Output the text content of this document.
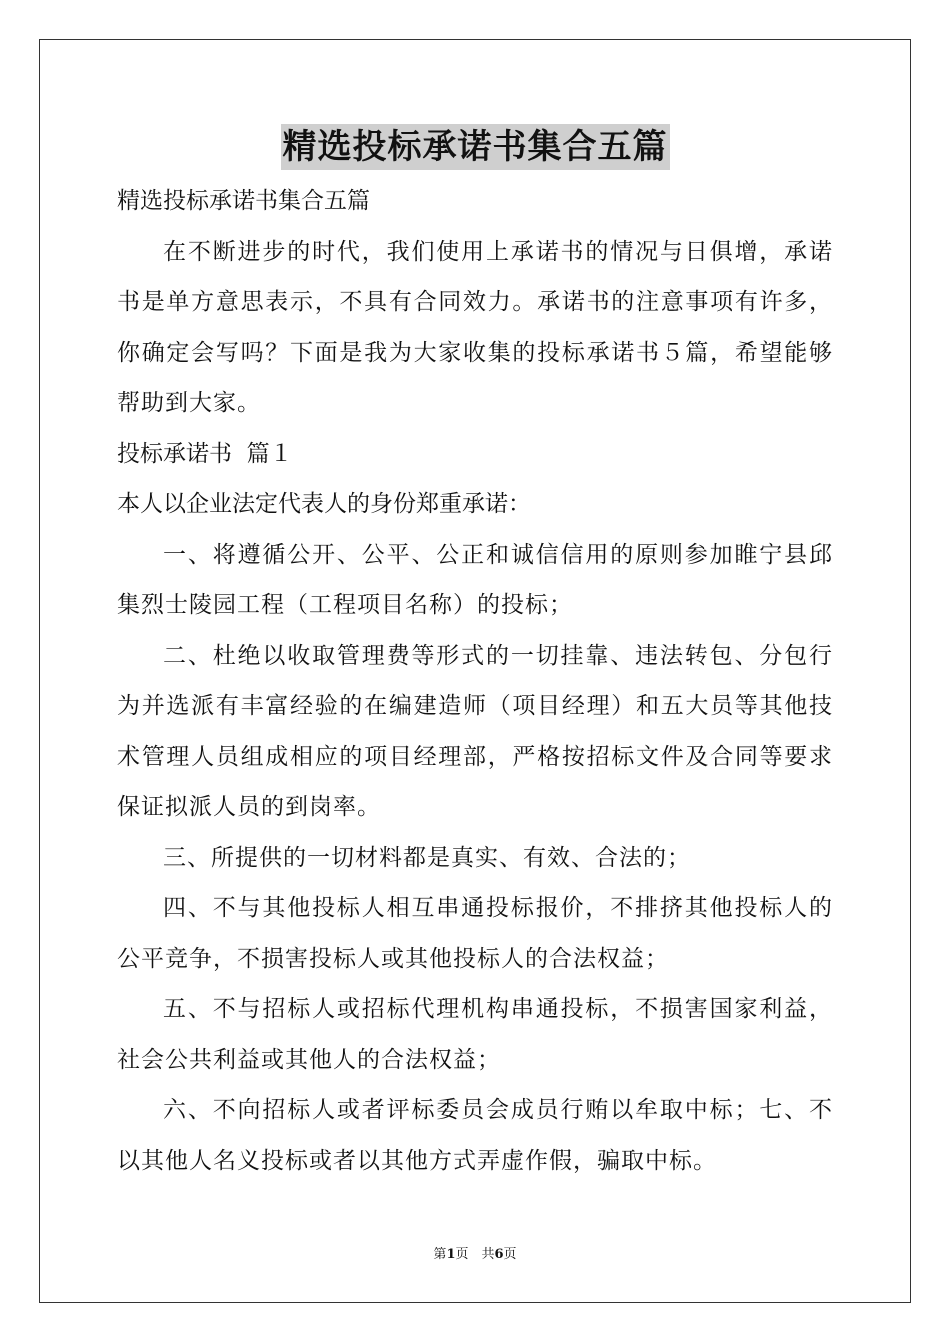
精选投标承诺书集合五篇

精选投标承诺书集合五篇

在不断进步的时代，我们使用上承诺书的情况与日俱增，承诺书是单方意思表示，不具有合同效力。承诺书的注意事项有许多，你确定会写吗？下面是我为大家收集的投标承诺书５篇，希望能够帮助到大家。

投标承诺书  篇１

本人以企业法定代表人的身份郑重承诺：

一、将遵循公开、公平、公正和诚信信用的原则参加睢宁县邱集烈士陵园工程（工程项目名称）的投标；

二、杜绝以收取管理费等形式的一切挂靠、违法转包、分包行为并选派有丰富经验的在编建造师（项目经理）和五大员等其他技术管理人员组成相应的项目经理部，严格按招标文件及合同等要求保证拟派人员的到岗率。

三、所提供的一切材料都是真实、有效、合法的；

四、不与其他投标人相互串通投标报价，不排挤其他投标人的公平竞争，不损害投标人或其他投标人的合法权益；

五、不与招标人或招标代理机构串通投标，不损害国家利益，社会公共利益或其他人的合法权益；

六、不向招标人或者评标委员会成员行贿以牟取中标；七、不以其他人名义投标或者以其他方式弄虚作假，骗取中标。

第1页　共6页
